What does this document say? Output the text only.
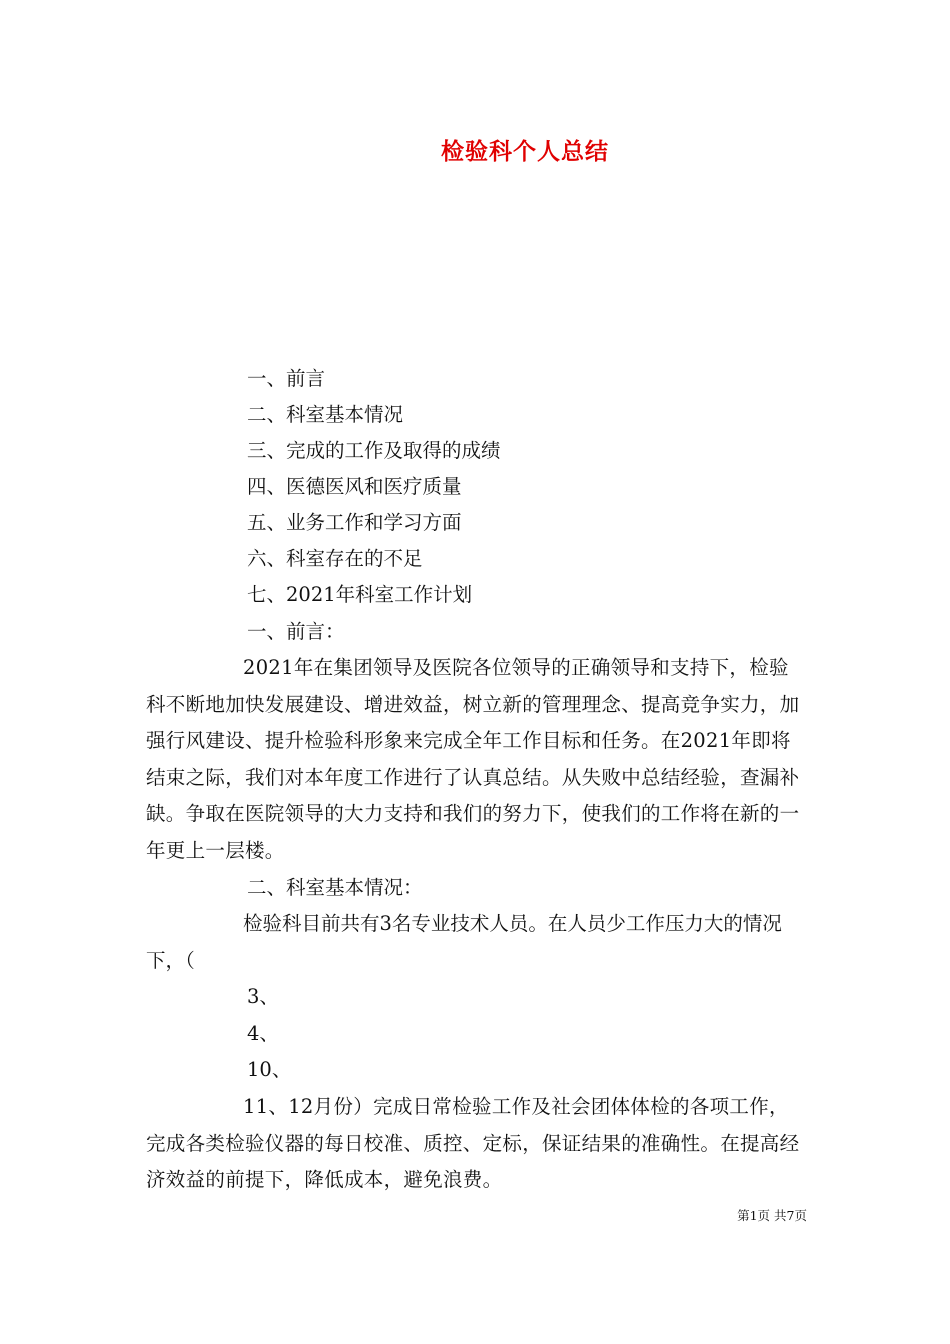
检验科个人总结
一、前言
二、科室基本情况
三、完成的工作及取得的成绩
四、医德医风和医疗质量
五、业务工作和学习方面
六、科室存在的不足
七、2021年科室工作计划
一、前言：
2021年在集团领导及医院各位领导的正确领导和支持下，检验科不断地加快发展建设、增进效益，树立新的管理理念、提高竞争实力，加强行风建设、提升检验科形象来完成全年工作目标和任务。在2021年即将结束之际，我们对本年度工作进行了认真总结。从失败中总结经验，查漏补缺。争取在医院领导的大力支持和我们的努力下，使我们的工作将在新的一年更上一层楼。
二、科室基本情况：
检验科目前共有3名专业技术人员。在人员少工作压力大的情况下，（
3、
4、
10、
11、12月份）完成日常检验工作及社会团体体检的各项工作，完成各类检验仪器的每日校准、质控、定标，保证结果的准确性。在提高经济效益的前提下，降低成本，避免浪费。
第1页 共7页
